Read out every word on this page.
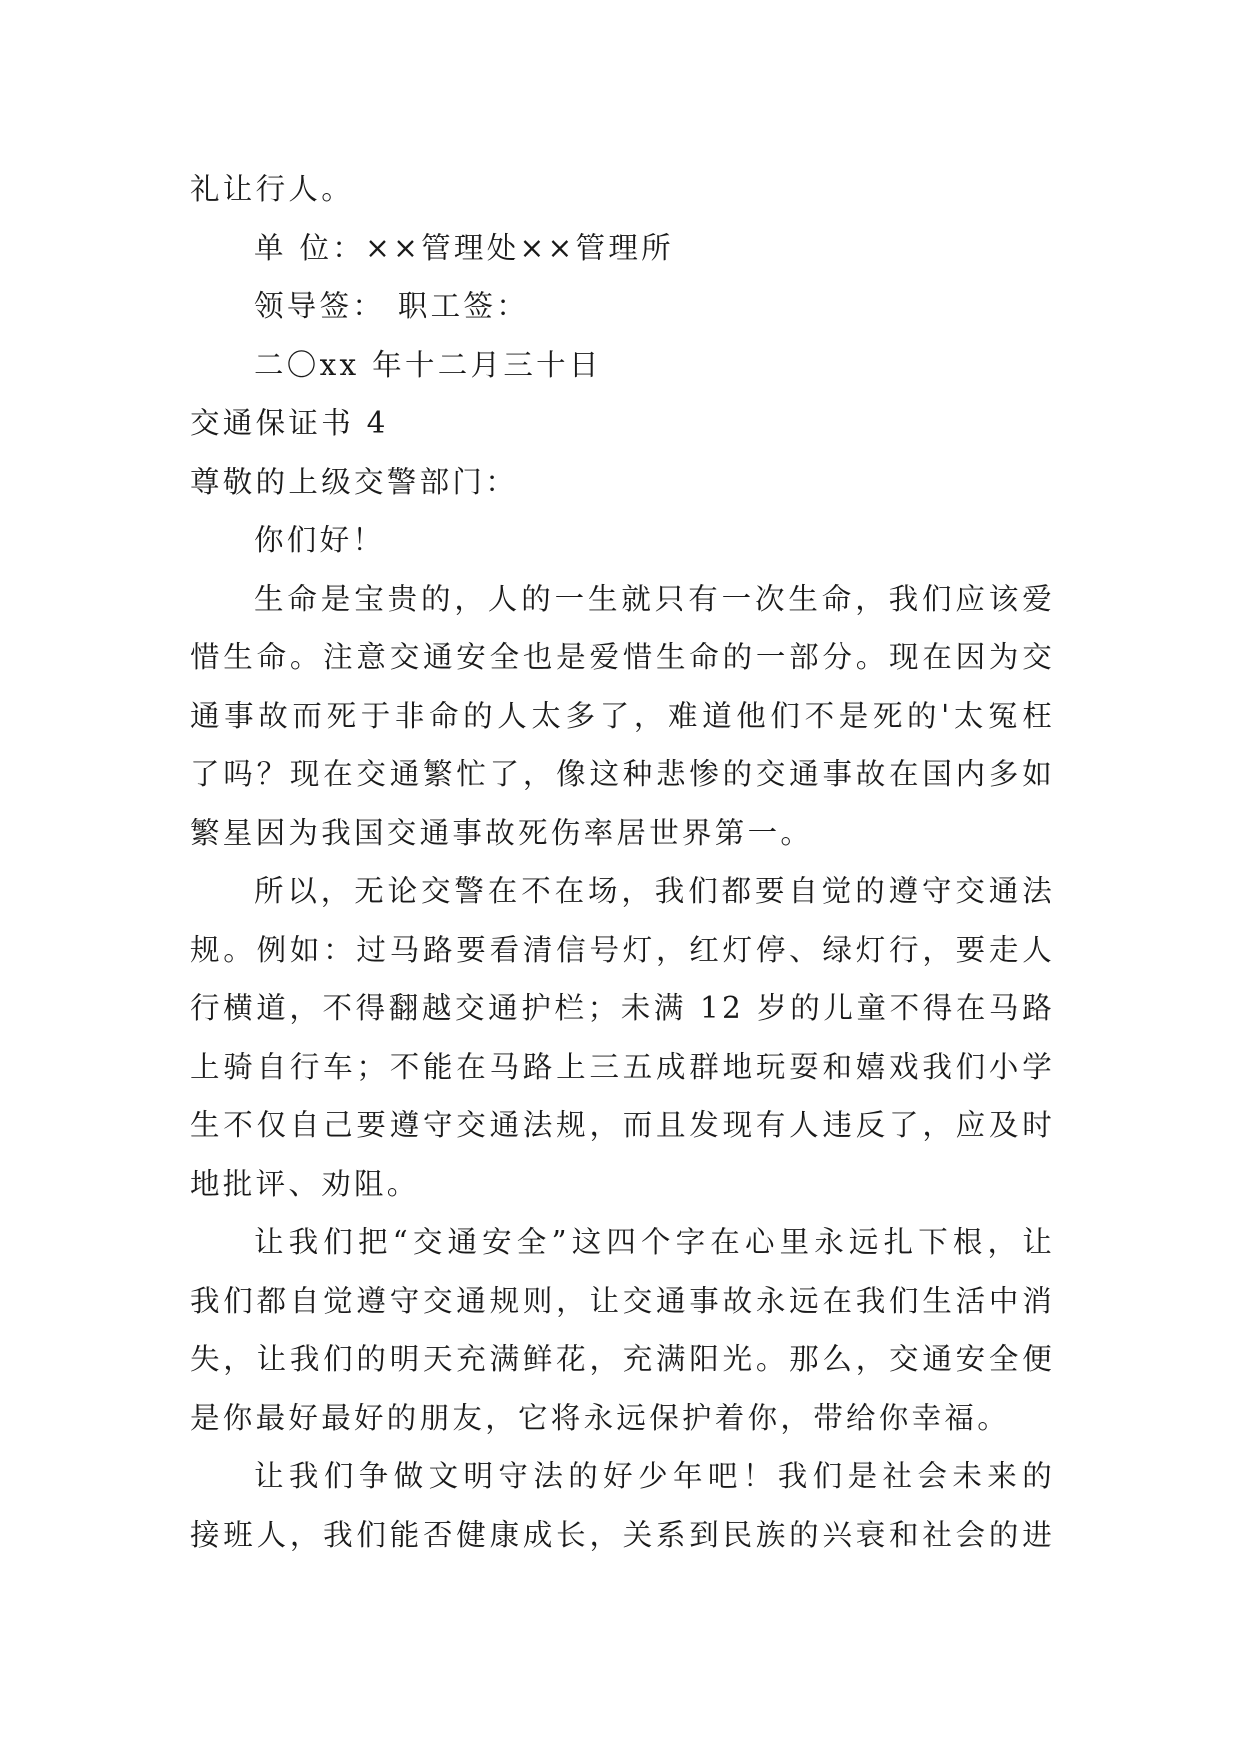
礼让行人。
单 位：××管理处××管理所
领导签： 职工签：
二〇xx 年十二月三十日
交通保证书 4
尊敬的上级交警部门：
你们好！
生命是宝贵的，人的一生就只有一次生命，我们应该爱
惜生命。注意交通安全也是爱惜生命的一部分。现在因为交
通事故而死于非命的人太多了，难道他们不是死的'太冤枉
了吗？现在交通繁忙了，像这种悲惨的交通事故在国内多如
繁星因为我国交通事故死伤率居世界第一。
所以，无论交警在不在场，我们都要自觉的遵守交通法
规。例如：过马路要看清信号灯，红灯停、绿灯行，要走人
行横道，不得翻越交通护栏；未满 12 岁的儿童不得在马路
上骑自行车；不能在马路上三五成群地玩耍和嬉戏我们小学
生不仅自己要遵守交通法规，而且发现有人违反了，应及时
地批评、劝阻。
让我们把“交通安全”这四个字在心里永远扎下根，让
我们都自觉遵守交通规则，让交通事故永远在我们生活中消
失，让我们的明天充满鲜花，充满阳光。那么，交通安全便
是你最好最好的朋友，它将永远保护着你，带给你幸福。
让我们争做文明守法的好少年吧！我们是社会未来的
接班人，我们能否健康成长，关系到民族的兴衰和社会的进
